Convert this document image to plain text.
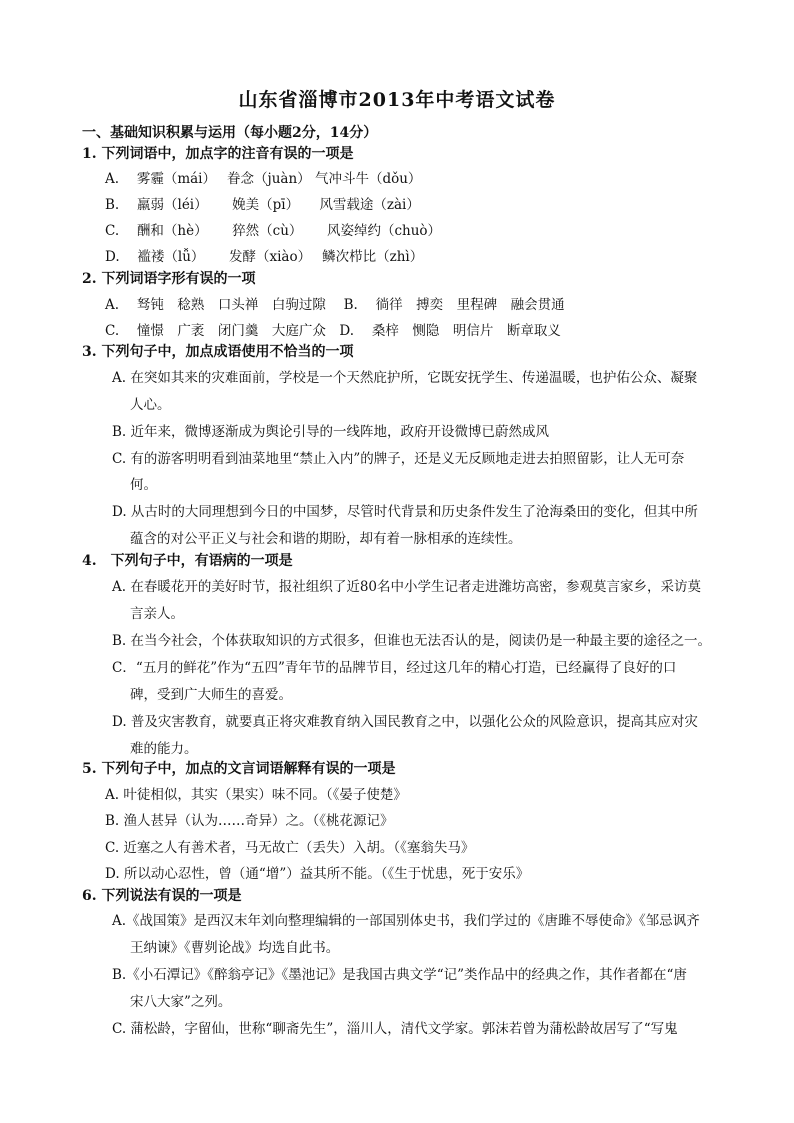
山东省淄博市2013年中考语文试卷
一、基础知识积累与运用（每小题2分，14分）
1. 下列词语中，加点字的注音有误的一项是
A.　 雾霾（mái）　 眷念（juàn） 气冲斗牛（dǒu）
B.　 羸弱（léi）　　 娩美（pī）　　风雪载途（zài）
C.　 酬和（hè）　　 猝然（cù）　　 风姿绰约（chuò）
D.　 褴褛（lǚ）　　 发酵（xiào）　 鳞次栉比（zhì）
2. 下列词语字形有误的一项
A.　 驽钝　稔熟　口头禅　白驹过隙　 B.　 徜徉　搏奕　里程碑　融会贯通
C.　 憧憬　广袤　闭门羹　大庭广众　D.　 桑梓　恻隐　明信片　断章取义
3. 下列句子中，加点成语使用不恰当的一项
A. 在突如其来的灾难面前，学校是一个天然庇护所，它既安抚学生、传递温暖，也护佑公众、凝聚
人心。
B. 近年来，微博逐渐成为舆论引导的一线阵地，政府开设微博已蔚然成风
C. 有的游客明明看到油菜地里“禁止入内”的牌子，还是义无反顾地走进去拍照留影，让人无可奈
何。
D. 从古时的大同理想到今日的中国梦，尽管时代背景和历史条件发生了沧海桑田的变化，但其中所
蕴含的对公平正义与社会和谐的期盼，却有着一脉相承的连续性。
4.　下列句子中，有语病的一项是
A. 在春暖花开的美好时节，报社组织了近80名中小学生记者走进潍坊高密，参观莫言家乡，采访莫
言亲人。
B. 在当今社会，个体获取知识的方式很多，但谁也无法否认的是，阅读仍是一种最主要的途径之一。
C．“五月的鲜花”作为“五四”青年节的品牌节目，经过这几年的精心打造，已经赢得了良好的口
碑，受到广大师生的喜爱。
D. 普及灾害教育，就要真正将灾难教育纳入国民教育之中，以强化公众的风险意识，提高其应对灾
难的能力。
5. 下列句子中，加点的文言词语解释有误的一项是
A. 叶徒相似，其实（果实）味不同。（《晏子使楚》
B. 渔人甚异（认为……奇异）之。（《桃花源记》
C. 近塞之人有善术者，马无故亡（丢失）入胡。（《塞翁失马》
D. 所以动心忍性，曾（通“增”）益其所不能。（《生于忧患，死于安乐》
6. 下列说法有误的一项是
A.《战国策》是西汉末年刘向整理编辑的一部国别体史书，我们学过的《唐雎不辱使命》《邹忌讽齐
王纳谏》《曹刿论战》均选自此书。
B.《小石潭记》《醉翁亭记》《墨池记》是我国古典文学“记”类作品中的经典之作，其作者都在“唐
宋八大家”之列。
C. 蒲松龄，字留仙，世称“聊斋先生”，淄川人，清代文学家。郭沫若曾为蒲松龄故居写了“写鬼
